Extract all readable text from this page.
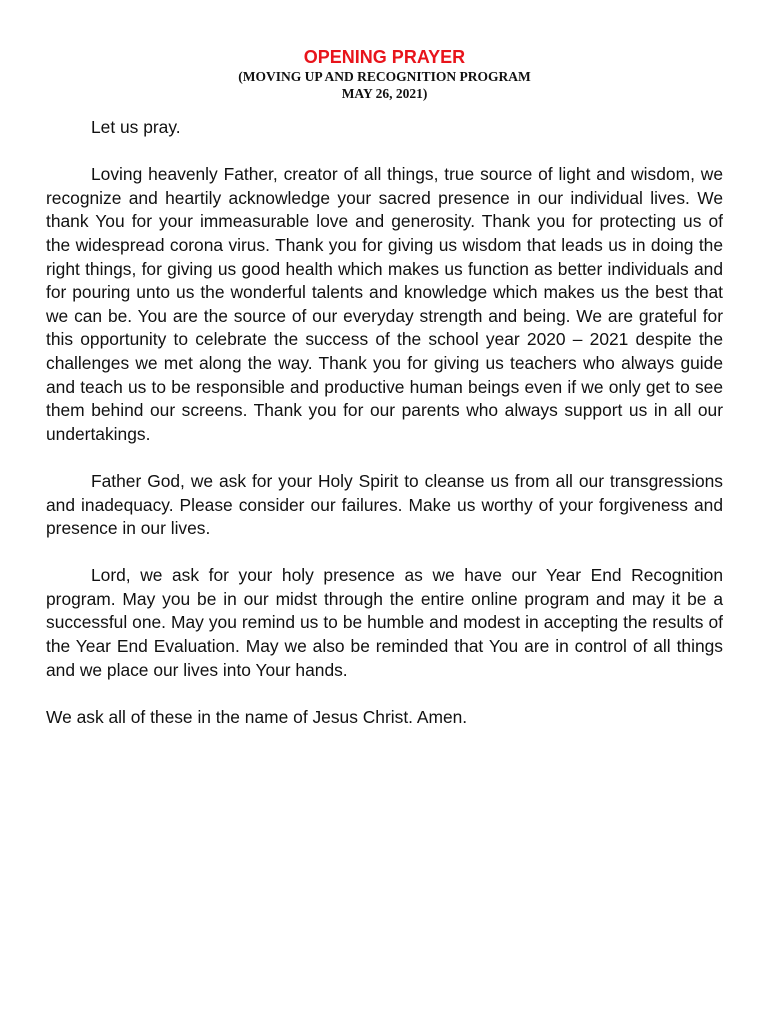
OPENING PRAYER
(MOVING UP AND RECOGNITION PROGRAM
MAY 26, 2021)

Let us pray.

Loving heavenly Father, creator of all things, true source of light and wisdom, we recognize and heartily acknowledge your sacred presence in our individual lives. We thank You for your immeasurable love and generosity. Thank you for protecting us of the widespread corona virus. Thank you for giving us wisdom that leads us in doing the right things, for giving us good health which makes us function as better individuals and for pouring unto us the wonderful talents and knowledge which makes us the best that we can be. You are the source of our everyday strength and being. We are grateful for this opportunity to celebrate the success of the school year 2020 – 2021 despite the challenges we met along the way. Thank you for giving us teachers who always guide and teach us to be responsible and productive human beings even if we only get to see them behind our screens. Thank you for our parents who always support us in all our undertakings.

Father God, we ask for your Holy Spirit to cleanse us from all our transgressions and inadequacy. Please consider our failures. Make us worthy of your forgiveness and presence in our lives.

Lord, we ask for your holy presence as we have our Year End Recognition program. May you be in our midst through the entire online program and may it be a successful one. May you remind us to be humble and modest in accepting the results of the Year End Evaluation. May we also be reminded that You are in control of all things and we place our lives into Your hands.

We ask all of these in the name of Jesus Christ. Amen.
